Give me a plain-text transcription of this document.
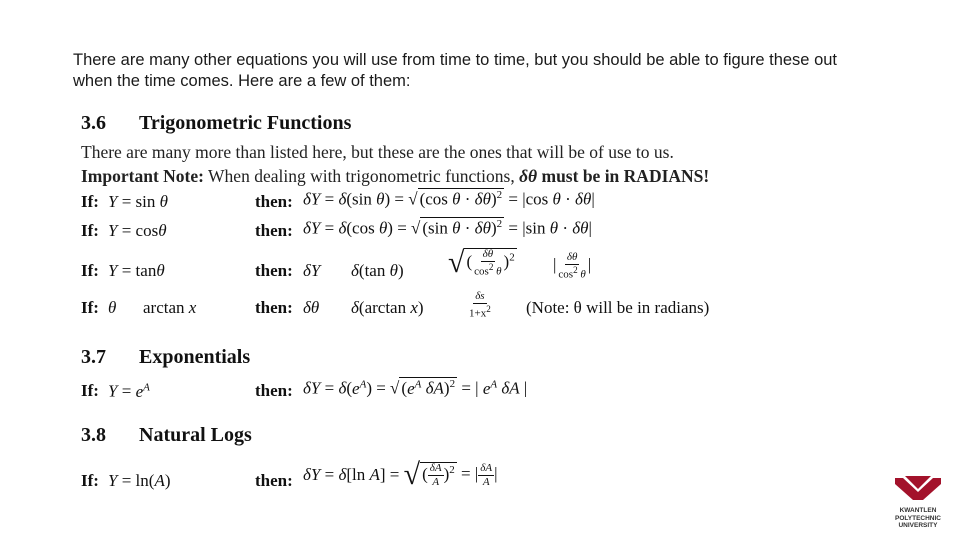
There are many other equations you will use from time to time, but you should be able to figure these out when the time comes. Here are a few of them:
3.6 Trigonometric Functions
There are many more than listed here, but these are the ones that will be of use to us.
Important Note: When dealing with trigonometric functions, δθ must be in RADIANS!
If: Y = sin θ	then: δY = δ(sin θ) = √ (cos θ · δθ)$^2$ = |cos θ · δθ|
If: Y = cosθ	then: δY = δ(cos θ) = √ (sin θ · δθ)$^2$ = |sin θ · δθ|
If: Y = tanθ	then: δY δ(tan θ) √ ( $\frac{\delta\theta}{\cos^2 \theta} )^2$ | $\frac{\delta\theta}{\cos^2 \theta}$ |
If: θ arctan x	then: δθ δ(arctan x)	$\frac{\delta s}{1+x^2}$ (Note: θ will be in radians)
3.7 Exponentials
If: $Y = e^A$	then: $\delta Y = \delta(e^A)$ = √ ($e^A$ δA)$^2$ = | $e^A$ δA |
3.8 Natural Logs
If: Y = ln(A)	then: δY = δ[ln A] = √ ( $\frac{\delta A}{A} )^2$ = | $\frac{\delta A}{A}$ |
KWANTLEN
POLYTECHNIC
UNIVERSITY
